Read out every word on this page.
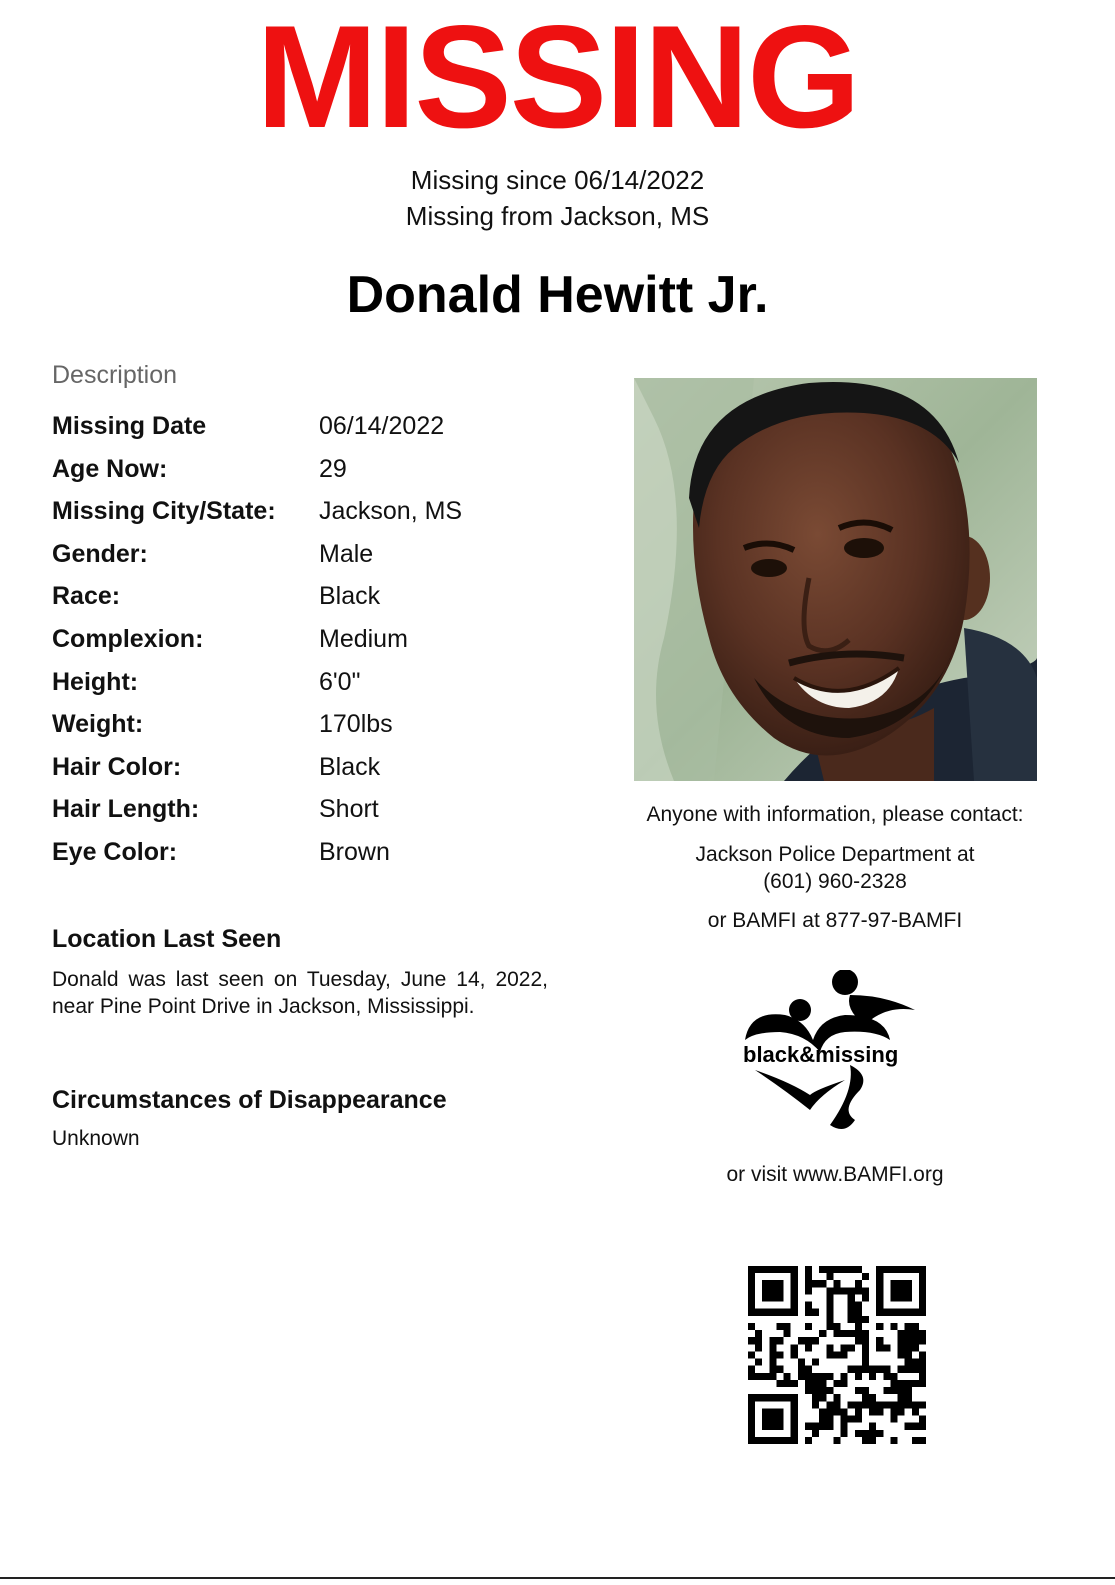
MISSING
Missing since 06/14/2022
Missing from Jackson, MS
Donald Hewitt Jr.
Description
Missing Date	06/14/2022
Age Now:	29
Missing City/State: Jackson, MS
Gender:	Male
Race:	Black
Complexion:	Medium
Height:	6'0"
Weight:	170lbs
Hair Color:	Black
Hair Length:	Short
Eye Color:	Brown
Location Last Seen
Donald was last seen on Tuesday, June 14, 2022, near Pine Point Drive in Jackson, Mississippi.
Circumstances of Disappearance
Unknown
Anyone with information, please contact:
Jackson Police Department at
(601) 960-2328
or BAMFI at 877-97-BAMFI
black&missing
or visit www.BAMFI.org
